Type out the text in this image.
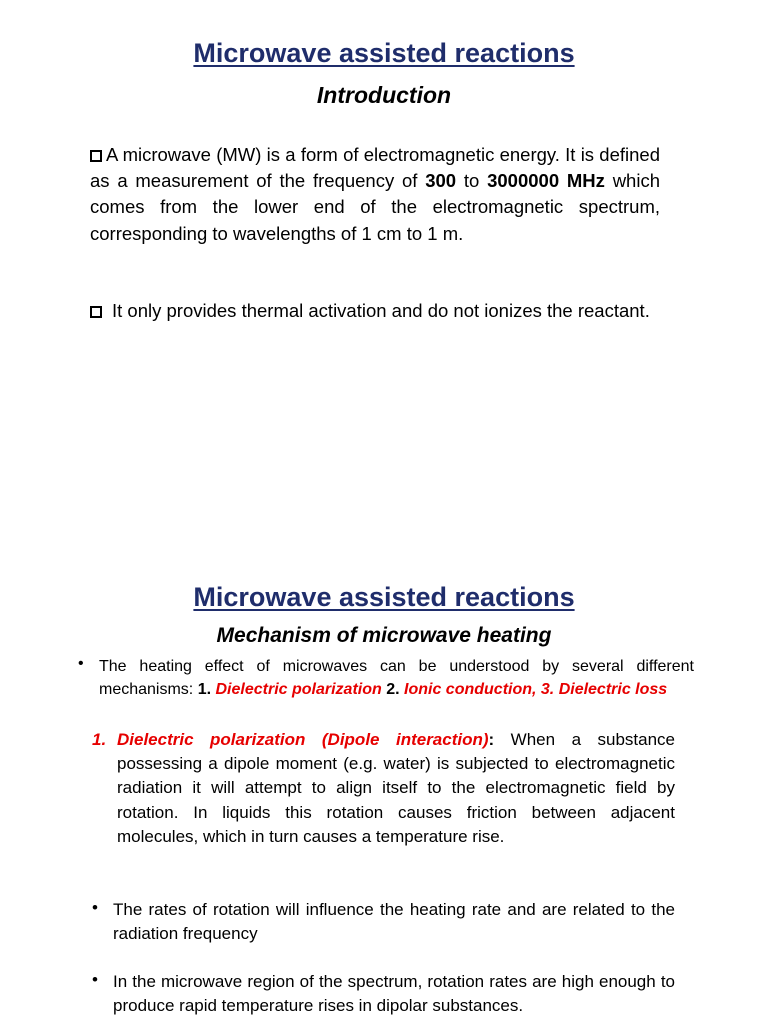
Microwave assisted reactions
Introduction
A microwave (MW) is a form of electromagnetic energy. It is defined as a measurement of the frequency of 300 to 3000000 MHz which comes from the lower end of the electromagnetic spectrum, corresponding to wavelengths of 1 cm to 1 m.
It only provides thermal activation and do not ionizes the reactant.
Microwave assisted reactions
Mechanism of microwave heating
• The heating effect of microwaves can be understood by several different mechanisms: 1. Dielectric polarization 2. Ionic conduction, 3. Dielectric loss
1. Dielectric polarization (Dipole interaction): When a substance possessing a dipole moment (e.g. water) is subjected to electromagnetic radiation it will attempt to align itself to the electromagnetic field by rotation. In liquids this rotation causes friction between adjacent molecules, which in turn causes a temperature rise.
• The rates of rotation will influence the heating rate and are related to the radiation frequency
• In the microwave region of the spectrum, rotation rates are high enough to produce rapid temperature rises in dipolar substances.
